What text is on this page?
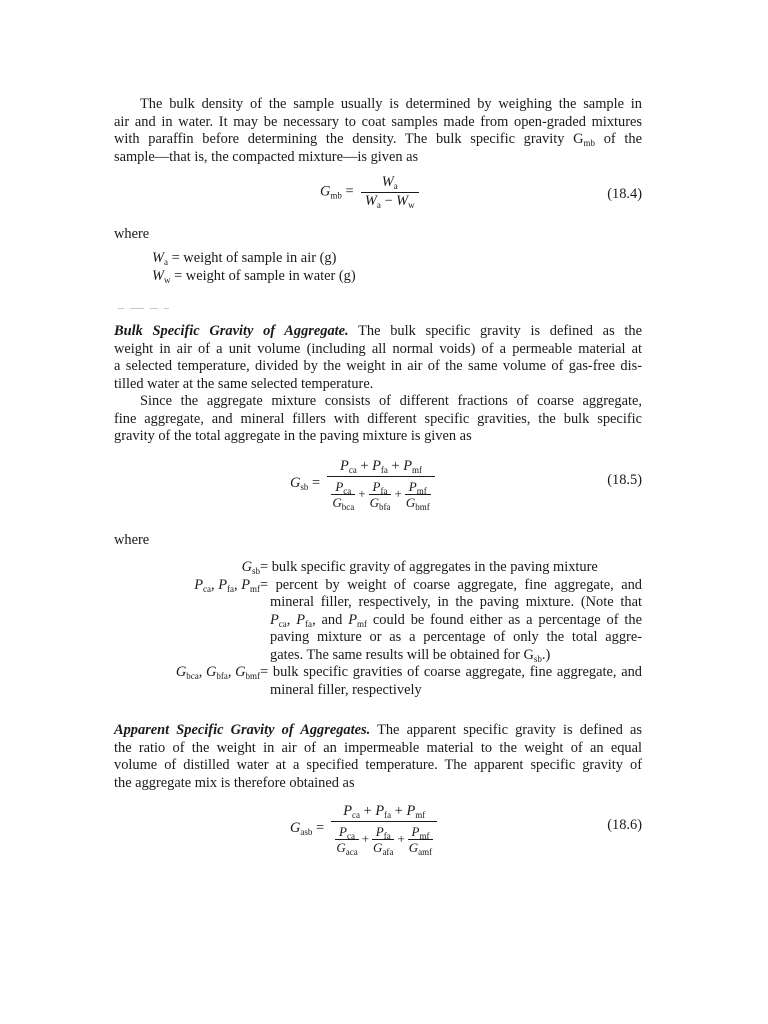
The bulk density of the sample usually is determined by weighing the sample in
air and in water. It may be necessary to coat samples made from open-graded mixtures
with paraffin before determining the density. The bulk specific gravity $G_{mb}$ of the
sample—that is, the compacted mixture—is given as
$G_{mb} = \frac{W_a}{W_a - W_w}$	(18.4)
where
$W_a$ = weight of sample in air (g)
$W_w$ = weight of sample in water (g)
Bulk Specific Gravity of Aggregate. The bulk specific gravity is defined as the
weight in air of a unit volume (including all normal voids) of a permeable material at
a selected temperature, divided by the weight in air of the same volume of gas-free dis-
tilled water at the same selected temperature.
Since the aggregate mixture consists of different fractions of coarse aggregate,
fine aggregate, and mineral fillers with different specific gravities, the bulk specific
gravity of the total aggregate in the paving mixture is given as
$G_{sb} = \frac{P_{ca} + P_{fa} + P_{mf}}{\frac{P_{ca}}{G_{bca}} + \frac{P_{fa}}{G_{bfa}} + \frac{P_{mf}}{G_{bmf}}}$	(18.5)
where
$G_{sb}$ = bulk specific gravity of aggregates in the paving mixture
$P_{ca}$, $P_{fa}$, $P_{mf}$ = percent by weight of coarse aggregate, fine aggregate, and
mineral filler, respectively, in the paving mixture. (Note that
$P_{ca}$, $P_{fa}$, and $P_{mf}$ could be found either as a percentage of the
paving mixture or as a percentage of only the total aggre-
gates. The same results will be obtained for $G_{sb}$.)
$G_{bca}$, $G_{bfa}$, $G_{bmf}$ = bulk specific gravities of coarse aggregate, fine aggregate, and
mineral filler, respectively
Apparent Specific Gravity of Aggregates. The apparent specific gravity is defined as
the ratio of the weight in air of an impermeable material to the weight of an equal
volume of distilled water at a specified temperature. The apparent specific gravity of
the aggregate mix is therefore obtained as
$G_{asb} = \frac{P_{ca} + P_{fa} + P_{mf}}{\frac{P_{ca}}{G_{aca}} + \frac{P_{fa}}{G_{afa}} + \frac{P_{mf}}{G_{amf}}}$	(18.6)
